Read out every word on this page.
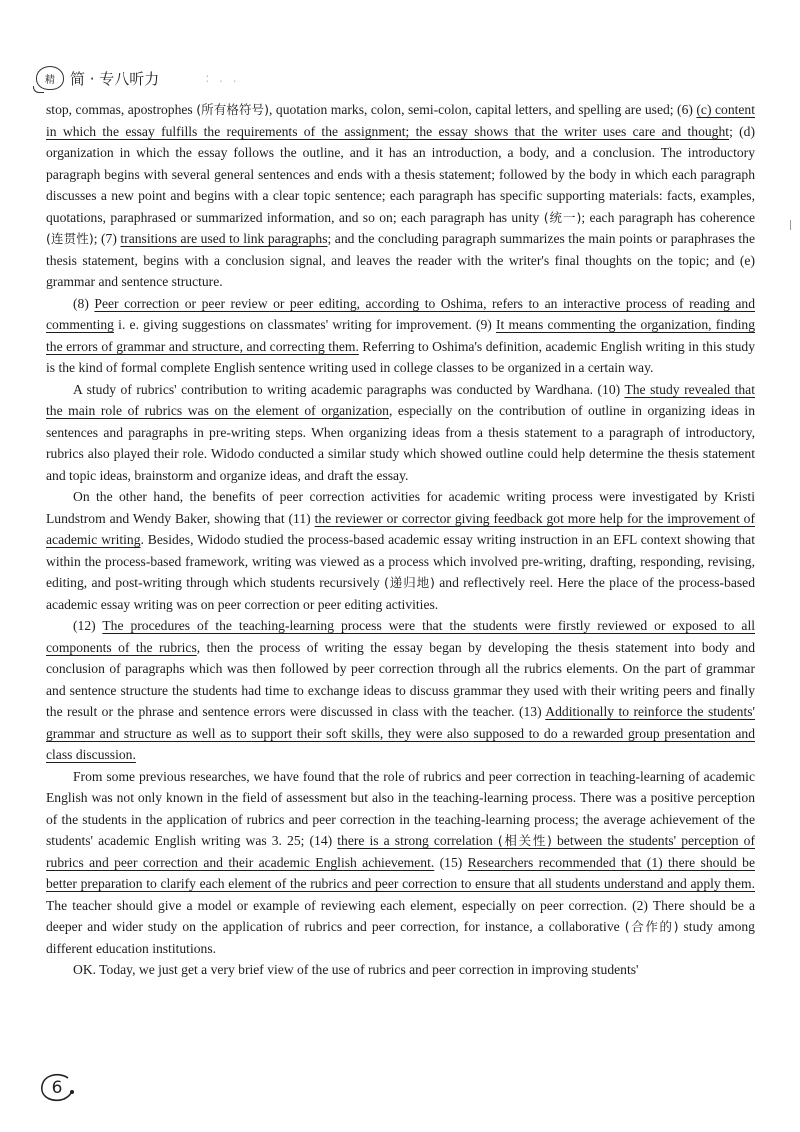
精 简 · 专八听力	: . .

stop, commas, apostrophes (所有格符号), quotation marks, colon, semi-colon, capital letters, and spelling are used; (6) (c) content in which the essay fulfills the requirements of the assignment; the essay shows that the writer uses care and thought; (d) organization in which the essay follows the outline, and it has an introduction, a body, and a conclusion. The introductory paragraph begins with several general sentences and ends with a thesis statement; followed by the body in which each paragraph discusses a new point and begins with a clear topic sentence; each paragraph has specific supporting materials: facts, examples, quotations, paraphrased or summarized information, and so on; each paragraph has unity (统一); each paragraph has coherence (连贯性); (7) transitions are used to link paragraphs; and the concluding paragraph summarizes the main points or paraphrases the thesis statement, begins with a conclusion signal, and leaves the reader with the writer's final thoughts on the topic; and (e) grammar and sentence structure.

(8) Peer correction or peer review or peer editing, according to Oshima, refers to an interactive process of reading and commenting i. e. giving suggestions on classmates' writing for improvement. (9) It means commenting the organization, finding the errors of grammar and structure, and correcting them. Referring to Oshima's definition, academic English writing in this study is the kind of formal complete English sentence writing used in college classes to be organized in a certain way.

A study of rubrics' contribution to writing academic paragraphs was conducted by Wardhana. (10) The study revealed that the main role of rubrics was on the element of organization, especially on the contribution of outline in organizing ideas in sentences and paragraphs in pre-writing steps. When organizing ideas from a thesis statement to a paragraph of introductory, rubrics also played their role. Widodo conducted a similar study which showed outline could help determine the thesis statement and topic ideas, brainstorm and organize ideas, and draft the essay.

On the other hand, the benefits of peer correction activities for academic writing process were investigated by Kristi Lundstrom and Wendy Baker, showing that (11) the reviewer or corrector giving feedback got more help for the improvement of academic writing. Besides, Widodo studied the process-based academic essay writing instruction in an EFL context showing that within the process-based framework, writing was viewed as a process which involved pre-writing, drafting, responding, revising, editing, and post-writing through which students recursively (递归地) and reflectively reel. Here the place of the process-based academic essay writing was on peer correction or peer editing activities.

(12) The procedures of the teaching-learning process were that the students were firstly reviewed or exposed to all components of the rubrics, then the process of writing the essay began by developing the thesis statement into body and conclusion of paragraphs which was then followed by peer correction through all the rubrics elements. On the part of grammar and sentence structure the students had time to exchange ideas to discuss grammar they used with their writing peers and finally the result or the phrase and sentence errors were discussed in class with the teacher. (13) Additionally to reinforce the students' grammar and structure as well as to support their soft skills, they were also supposed to do a rewarded group presentation and class discussion.

From some previous researches, we have found that the role of rubrics and peer correction in teaching-learning of academic English was not only known in the field of assessment but also in the teaching-learning process. There was a positive perception of the students in the application of rubrics and peer correction in the teaching-learning process; the average achievement of the students' academic English writing was 3. 25; (14) there is a strong correlation (相关性) between the students' perception of rubrics and peer correction and their academic English achievement. (15) Researchers recommended that (1) there should be better preparation to clarify each element of the rubrics and peer correction to ensure that all students understand and apply them. The teacher should give a model or example of reviewing each element, especially on peer correction. (2) There should be a deeper and wider study on the application of rubrics and peer correction, for instance, a collaborative (合作的) study among different education institutions.

OK. Today, we just get a very brief view of the use of rubrics and peer correction in improving students'

6
